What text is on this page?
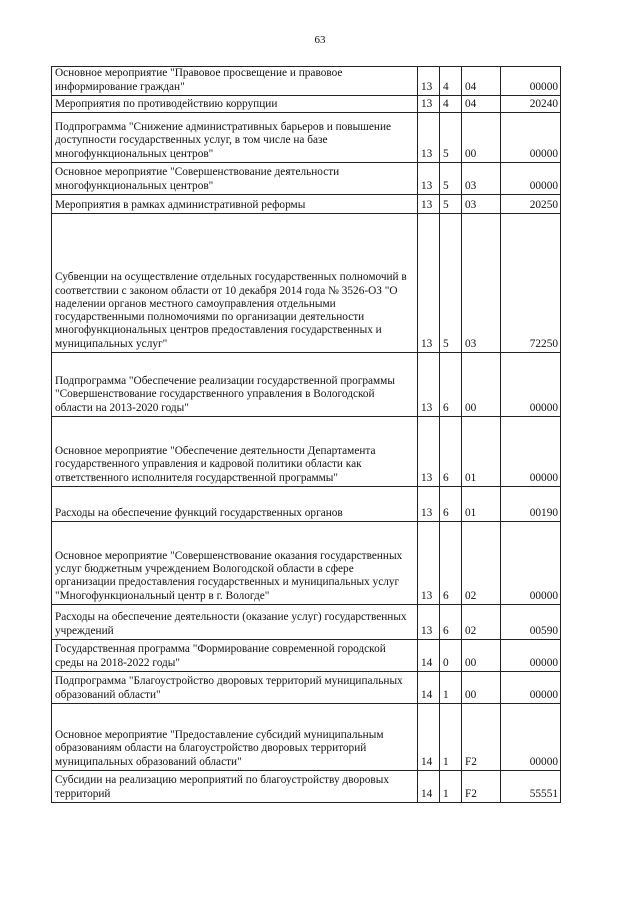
63
Основное мероприятие "Правовое просвещение и правовое информирование граждан"	13	4	04	00000
Мероприятия по противодействию коррупции	13	4	04	20240
Подпрограмма "Снижение административных барьеров и повышение доступности государственных услуг, в том числе на базе многофункциональных центров"	13	5	00	00000
Основное мероприятие "Совершенствование деятельности многофункциональных центров"	13	5	03	00000
Мероприятия в рамках административной реформы	13	5	03	20250
Субвенции на осуществление отдельных государственных полномочий в соответствии с законом области от 10 декабря 2014 года № 3526-ОЗ "О наделении органов местного самоуправления отдельными государственными полномочиями по организации деятельности многофункциональных центров предоставления государственных и муниципальных услуг"	13	5	03	72250
Подпрограмма "Обеспечение реализации государственной программы "Совершенствование государственного управления в Вологодской области на 2013-2020 годы"	13	6	00	00000
Основное мероприятие "Обеспечение деятельности Департамента государственного управления и кадровой политики области как ответственного исполнителя государственной программы"	13	6	01	00000
Расходы на обеспечение функций государственных органов	13	6	01	00190
Основное мероприятие "Совершенствование оказания государственных услуг бюджетным учреждением Вологодской области в сфере организации предоставления государственных и муниципальных услуг "Многофункциональный центр в г. Вологде"	13	6	02	00000
Расходы на обеспечение деятельности (оказание услуг) государственных учреждений	13	6	02	00590
Государственная программа "Формирование современной городской среды на 2018-2022 годы"	14	0	00	00000
Подпрограмма "Благоустройство дворовых территорий муниципальных образований области"	14	1	00	00000
Основное мероприятие "Предоставление субсидий муниципальным образованиям области на благоустройство дворовых территорий муниципальных образований области"	14	1	F2	00000
Субсидии на реализацию мероприятий по благоустройству дворовых территорий	14	1	F2	55551
